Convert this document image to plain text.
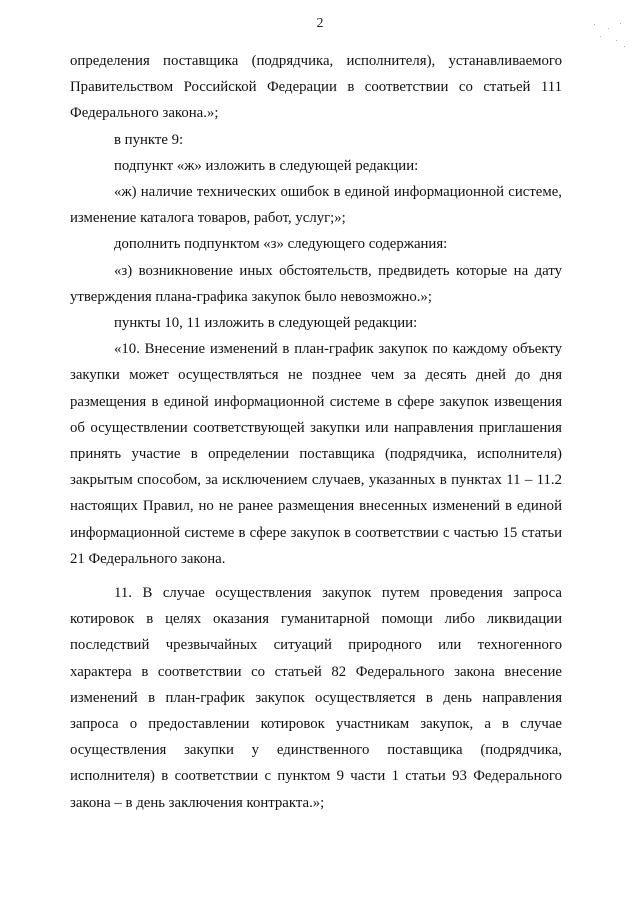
2

определения поставщика (подрядчика, исполнителя), устанавливаемого Правительством Российской Федерации в соответствии со статьей 111 Федерального закона.»;

в пункте 9:

подпункт «ж» изложить в следующей редакции:

«ж) наличие технических ошибок в единой информационной системе, изменение каталога товаров, работ, услуг;»;

дополнить подпунктом «з» следующего содержания:

«з) возникновение иных обстоятельств, предвидеть которые на дату утверждения плана-графика закупок было невозможно.»;

пункты 10, 11 изложить в следующей редакции:

«10. Внесение изменений в план-график закупок по каждому объекту закупки может осуществляться не позднее чем за десять дней до дня размещения в единой информационной системе в сфере закупок извещения об осуществлении соответствующей закупки или направления приглашения принять участие в определении поставщика (подрядчика, исполнителя) закрытым способом, за исключением случаев, указанных в пунктах 11 – 11.2 настоящих Правил, но не ранее размещения внесенных изменений в единой информационной системе в сфере закупок в соответствии с частью 15 статьи 21 Федерального закона.

11. В случае осуществления закупок путем проведения запроса котировок в целях оказания гуманитарной помощи либо ликвидации последствий чрезвычайных ситуаций природного или техногенного характера в соответствии со статьей 82 Федерального закона внесение изменений в план-график закупок осуществляется в день направления запроса о предоставлении котировок участникам закупок, а в случае осуществления закупки у единственного поставщика (подрядчика, исполнителя) в соответствии с пунктом 9 части 1 статьи 93 Федерального закона – в день заключения контракта.»;
